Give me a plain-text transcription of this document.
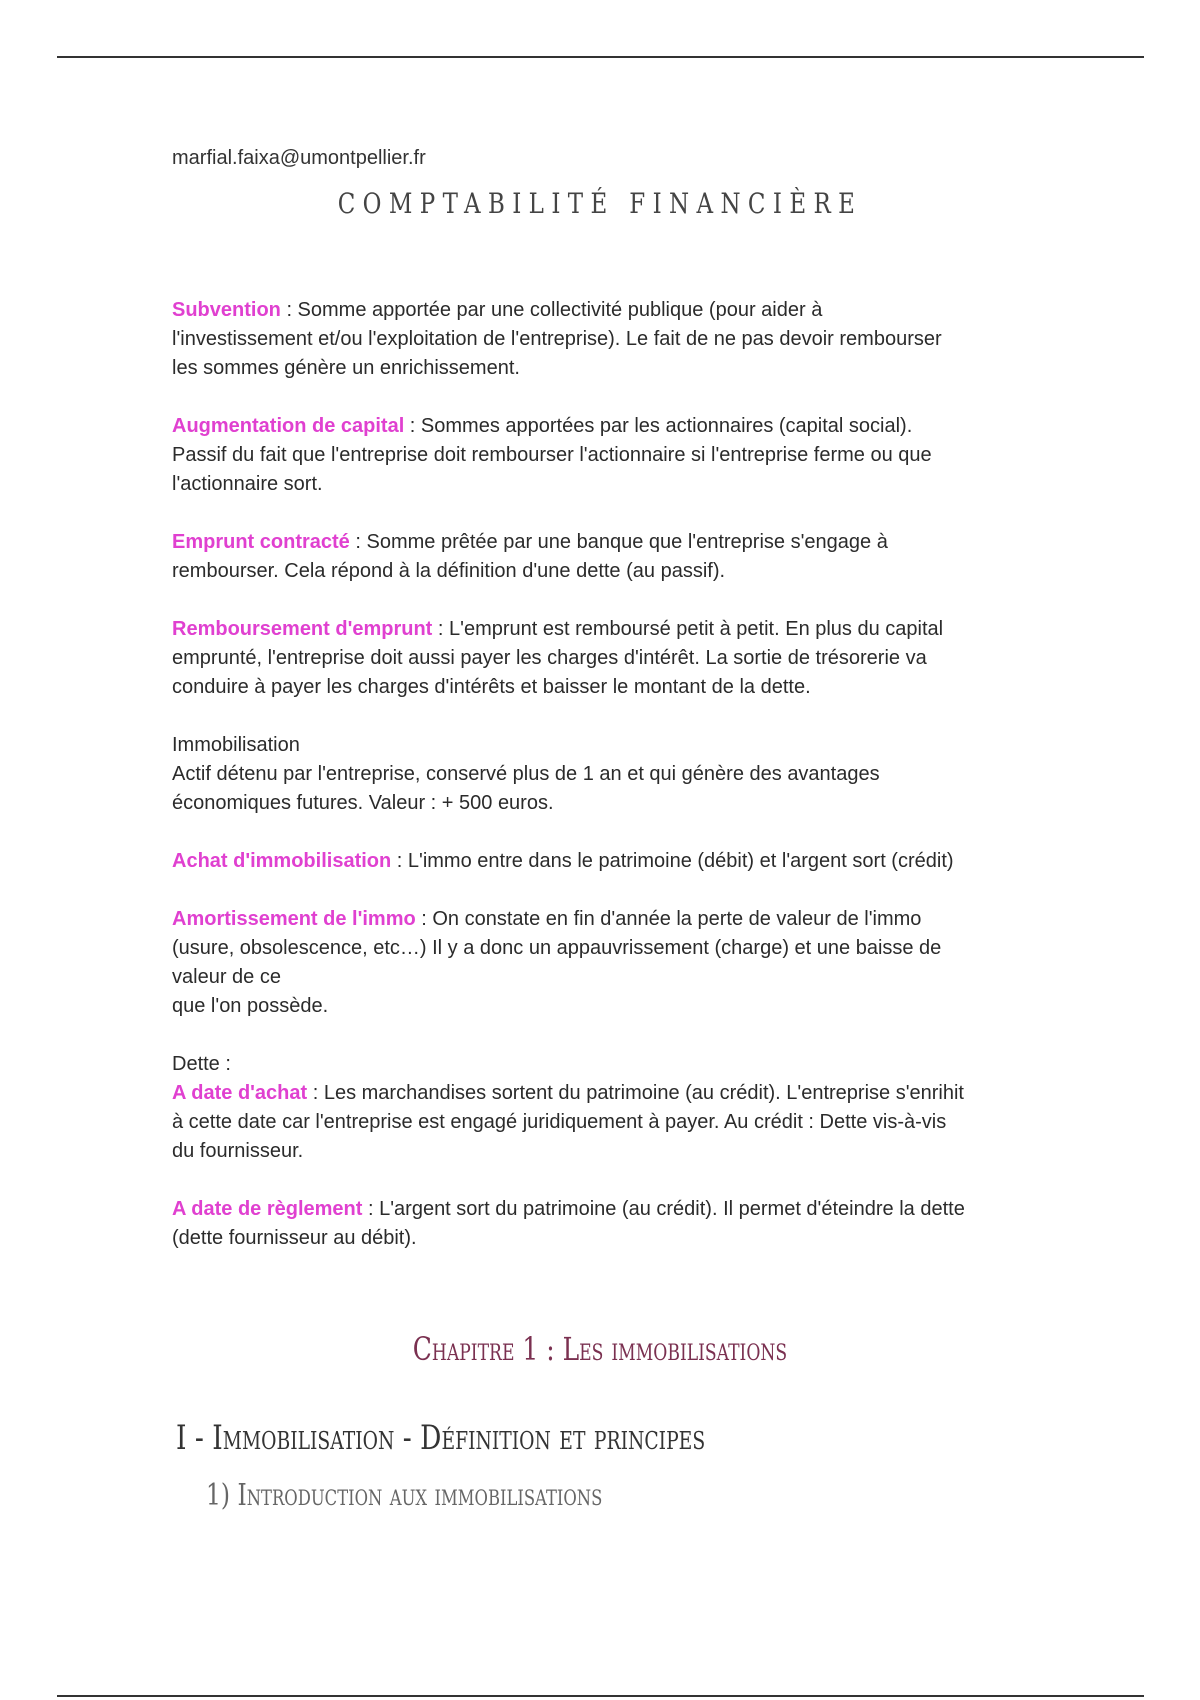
marfial.faixa@umontpellier.fr
COMPTABILITÉ FINANCIÈRE
Subvention : Somme apportée par une collectivité publique (pour aider à
l'investissement et/ou l'exploitation de l'entreprise). Le fait de ne pas devoir rembourser
les sommes génère un enrichissement.
Augmentation de capital : Sommes apportées par les actionnaires (capital social).
Passif du fait que l'entreprise doit rembourser l'actionnaire si l'entreprise ferme ou que
l'actionnaire sort.
Emprunt contracté : Somme prêtée par une banque que l'entreprise s'engage à
rembourser. Cela répond à la définition d'une dette (au passif).
Remboursement d'emprunt : L'emprunt est remboursé petit à petit. En plus du capital
emprunté, l'entreprise doit aussi payer les charges d'intérêt. La sortie de trésorerie va
conduire à payer les charges d'intérêts et baisser le montant de la dette.
Immobilisation
Actif détenu par l'entreprise, conservé plus de 1 an et qui génère des avantages
économiques futures. Valeur : + 500 euros.
Achat d'immobilisation : L'immo entre dans le patrimoine (débit) et l'argent sort (crédit)
Amortissement de l'immo : On constate en fin d'année la perte de valeur de l'immo
(usure, obsolescence, etc…) Il y a donc un appauvrissement (charge) et une baisse de
valeur de ce
que l'on possède.
Dette :
A date d'achat : Les marchandises sortent du patrimoine (au crédit). L'entreprise s'enrihit
à cette date car l'entreprise est engagé juridiquement à payer. Au crédit : Dette vis-à-vis
du fournisseur.
A date de règlement : L'argent sort du patrimoine (au crédit). Il permet d'éteindre la dette
(dette fournisseur au débit).
Chapitre 1 : Les immobilisations
I - Immobilisation - Définition et principes
1) Introduction aux immobilisations
